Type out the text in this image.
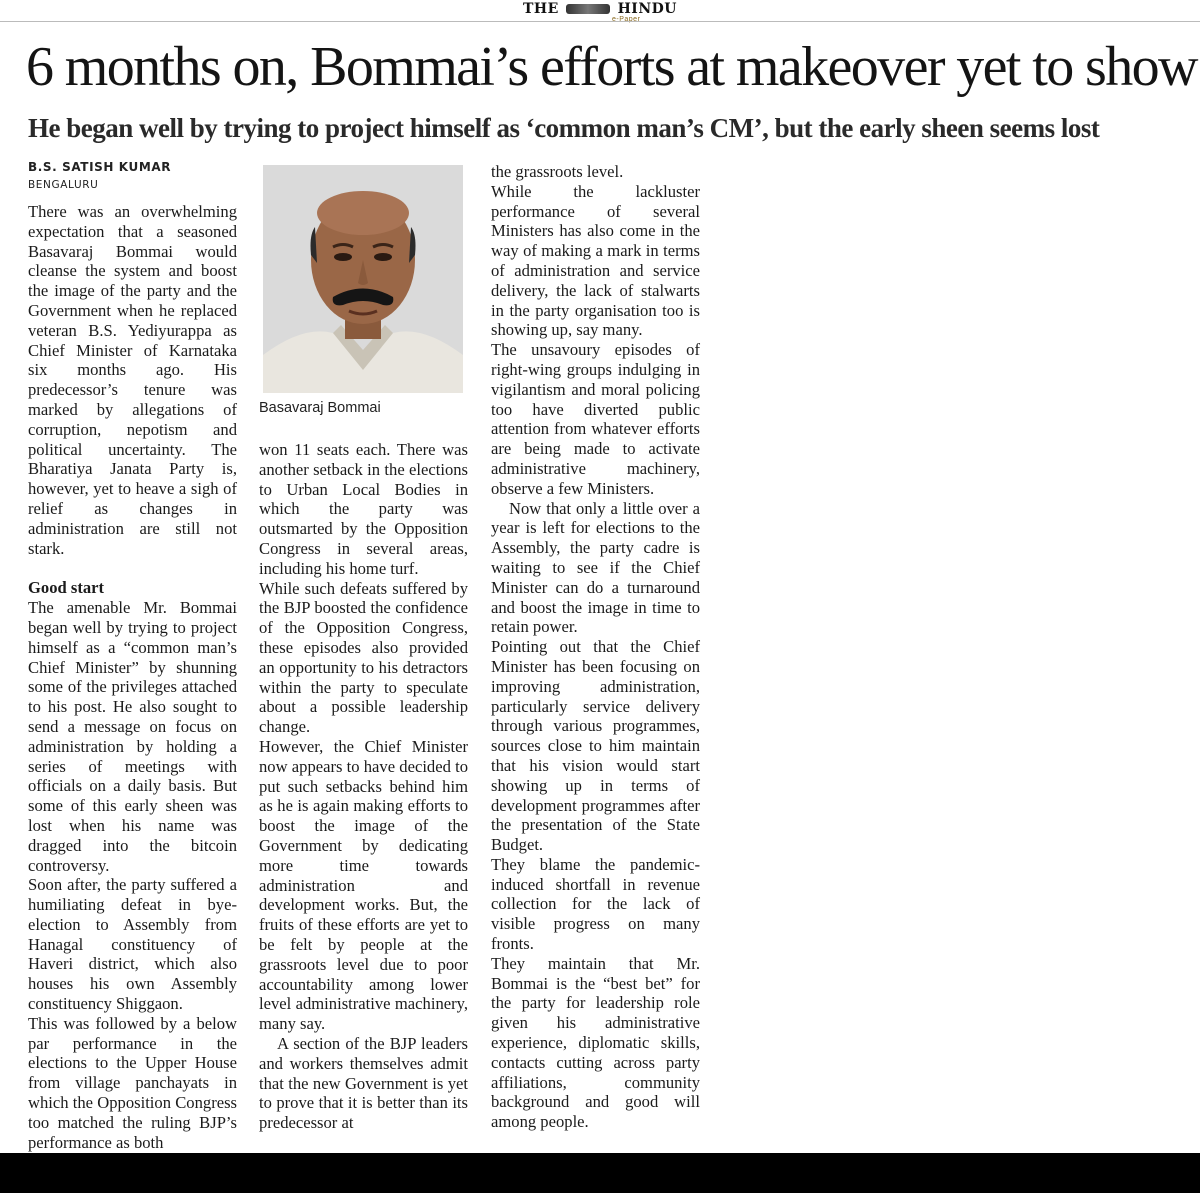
THE	HINDU
e-Paper
6 months on, Bommai’s efforts at makeover yet to show
He began well by trying to project himself as ‘common man’s CM’, but the early sheen seems lost
B.S. SATISH KUMAR
BENGALURU

There was an overwhelming expectation that a seasoned Basavaraj Bommai would cleanse the system and boost the image of the party and the Government when he replaced veteran B.S. Yediyurappa as Chief Minister of Karnataka six months ago. His predecessor’s tenure was marked by allegations of corruption, nepotism and political uncertainty. The Bharatiya Janata Party is, however, yet to heave a sigh of relief as changes in administration are still not stark.

Good start

The amenable Mr. Bommai began well by trying to project himself as a “common man’s Chief Minister” by shunning some of the privileges attached to his post. He also sought to send a message on focus on administration by holding a series of meetings with officials on a daily basis. But some of this early sheen was lost when his name was dragged into the bitcoin controversy.

Soon after, the party suffered a humiliating defeat in bye-election to Assembly from Hanagal constituency of Haveri district, which also houses his own Assembly constituency Shiggaon.

This was followed by a below par performance in the elections to the Upper House from village panchayats in which the Opposition Congress too matched the ruling BJP’s performance as both

Basavaraj Bommai

won 11 seats each. There was another setback in the elections to Urban Local Bodies in which the party was outsmarted by the Opposition Congress in several areas, including his home turf.

While such defeats suffered by the BJP boosted the confidence of the Opposition Congress, these episodes also provided an opportunity to his detractors within the party to speculate about a possible leadership change.

However, the Chief Minister now appears to have decided to put such setbacks behind him as he is again making efforts to boost the image of the Government by dedicating more time towards administration and development works. But, the fruits of these efforts are yet to be felt by people at the grassroots level due to poor accountability among lower level administrative machinery, many say.

A section of the BJP leaders and workers themselves admit that the new Government is yet to prove that it is better than its predecessor at

the grassroots level.

While the lackluster performance of several Ministers has also come in the way of making a mark in terms of administration and service delivery, the lack of stalwarts in the party organisation too is showing up, say many.

The unsavoury episodes of right-wing groups indulging in vigilantism and moral policing too have diverted public attention from whatever efforts are being made to activate administrative machinery, observe a few Ministers.

Now that only a little over a year is left for elections to the Assembly, the party cadre is waiting to see if the Chief Minister can do a turnaround and boost the image in time to retain power.

Pointing out that the Chief Minister has been focusing on improving administration, particularly service delivery through various programmes, sources close to him maintain that his vision would start showing up in terms of development programmes after the presentation of the State Budget.

They blame the pandemic-induced shortfall in revenue collection for the lack of visible progress on many fronts.

They maintain that Mr. Bommai is the “best bet” for the party for leadership role given his administrative experience, diplomatic skills, contacts cutting across party affiliations, community background and good will among people.
